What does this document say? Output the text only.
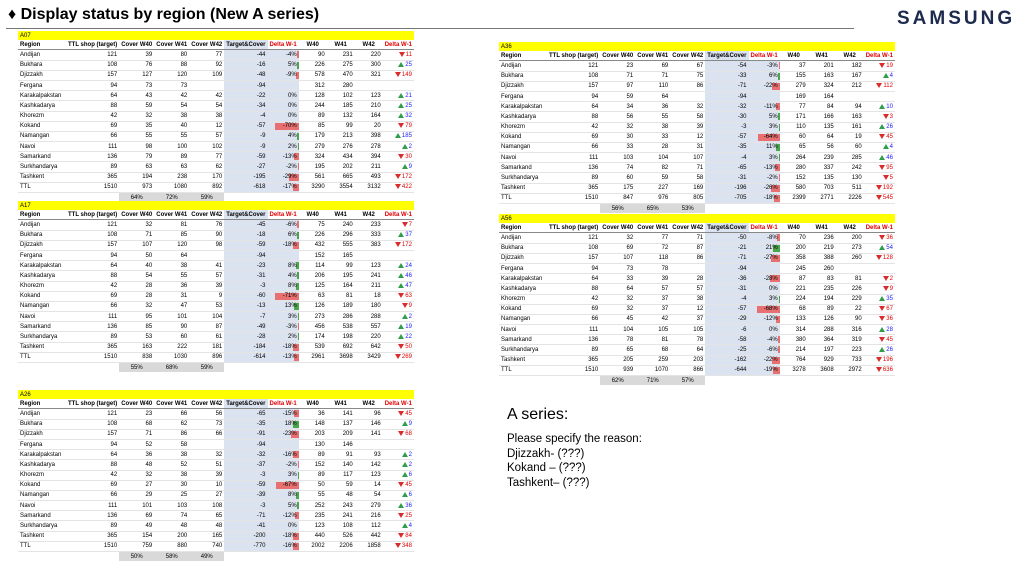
♦ Display status by region (New A series)	SAMSUNG
A07										
Region	TTL shop (target)	Cover W40	Cover W41	Cover W42	Target&Cover	Delta W-1	W40	W41	W42	Delta W-1
Andijan	121	39	80	77	-44	-4%	90	231	220	11
Bukhara	108	76	88	92	-16	5%	226	275	300	25
Djizzakh	157	127	120	109	-48	-9%	578	470	321	149
Fergana	94	73	73		-94		312	280		
Karakalpakstan	64	43	42	42	-22	0%	128	102	123	21
Kashkadarya	88	59	54	54	-34	0%	244	185	210	25
Khorezm	42	32	38	38	-4	0%	89	132	164	32
Kokand	69	35	40	12	-57	-70%	85	99	20	79
Namangan	66	55	55	57	-9	4%	179	213	398	185
Navoi	111	98	100	102	-9	2%	279	276	278	2
Samarkand	136	79	89	77	-59	-13%	324	434	394	30
Surkhandarya	89	63	63	62	-27	-2%	195	202	211	9
Tashkent	365	194	238	170	-195	-29%	561	665	493	172
TTL	1510	973	1080	892	-618	-17%	3290	3554	3132	422
		64%	72%	59%						
A17										
Region	TTL shop (target)	Cover W40	Cover W41	Cover W42	Target&Cover	Delta W-1	W40	W41	W42	Delta W-1
Andijan	121	32	81	76	-45	-6%	75	240	233	7
Bukhara	108	71	85	90	-18	6%	226	296	333	37
Djizzakh	157	107	120	98	-59	-18%	432	555	383	172
Fergana	94	50	64		-94		152	165		
Karakalpakstan	64	40	38	41	-23	8%	114	99	123	24
Kashkadarya	88	54	55	57	-31	4%	206	195	241	46
Khorezm	42	28	36	39	-3	8%	125	164	211	47
Kokand	69	28	31	9	-60	-71%	63	81	18	63
Namangan	66	32	47	53	-13	13%	126	189	180	9
Navoi	111	95	101	104	-7	3%	273	286	288	2
Samarkand	136	85	90	87	-49	-3%	456	538	557	19
Surkhandarya	89	53	60	61	-28	2%	174	198	220	22
Tashkent	365	163	222	181	-184	-18%	539	692	642	50
TTL	1510	838	1030	896	-614	-13%	2961	3698	3429	269
		55%	68%	59%						
A26										
Region	TTL shop (target)	Cover W40	Cover W41	Cover W42	Target&Cover	Delta W-1	W40	W41	W42	Delta W-1
Andijan	121	23	66	56	-65	-15%	36	141	96	45
Bukhara	108	68	62	73	-35	18%	148	137	146	9
Djizzakh	157	71	86	66	-91	-23%	203	209	141	68
Fergana	94	52	58		-94		130	146		
Karakalpakstan	64	36	38	32	-32	-16%	89	91	93	2
Kashkadarya	88	48	52	51	-37	-2%	152	140	142	2
Khorezm	42	32	38	39	-3	3%	89	117	123	6
Kokand	69	27	30	10	-59	-67%	50	59	14	45
Namangan	66	29	25	27	-39	8%	55	48	54	6
Navoi	111	101	103	108	-3	5%	252	243	279	36
Samarkand	136	69	74	65	-71	-12%	235	241	216	25
Surkhandarya	89	49	48	48	-41	0%	123	108	112	4
Tashkent	365	154	200	165	-200	-18%	440	526	442	84
TTL	1510	759	880	740	-770	-16%	2002	2206	1858	348
		50%	58%	49%						
A36										
Region	TTL shop (target)	Cover W40	Cover W41	Cover W42	Target&Cover	Delta W-1	W40	W41	W42	Delta W-1
Andijan	121	23	69	67	-54	-3%	37	201	182	19
Bukhara	108	71	71	75	-33	6%	155	163	167	4
Djizzakh	157	97	110	86	-71	-22%	279	324	212	112
Fergana	94	59	64		-94		169	164		
Karakalpakstan	64	34	36	32	-32	-11%	77	84	94	10
Kashkadarya	88	56	55	58	-30	5%	171	166	163	3
Khorezm	42	32	38	39	-3	3%	110	135	161	26
Kokand	69	30	33	12	-57	-64%	60	64	19	45
Namangan	66	33	28	31	-35	11%	65	56	60	4
Navoi	111	103	104	107	-4	3%	264	239	285	46
Samarkand	136	74	82	71	-65	-13%	280	337	242	95
Surkhandarya	89	60	59	58	-31	-2%	152	135	130	5
Tashkent	365	175	227	169	-196	-26%	580	703	511	192
TTL	1510	847	976	805	-705	-18%	2399	2771	2226	545
		56%	65%	53%						
A56										
Region	TTL shop (target)	Cover W40	Cover W41	Cover W42	Target&Cover	Delta W-1	W40	W41	W42	Delta W-1
Andijan	121	32	77	71	-50	-8%	70	236	200	36
Bukhara	108	69	72	87	-21	21%	200	219	273	54
Djizzakh	157	107	118	86	-71	-27%	358	388	260	128
Fergana	94	73	78		-94		245	260		
Karakalpakstan	64	33	39	28	-36	-28%	87	83	81	2
Kashkadarya	88	64	57	57	-31	0%	221	235	226	9
Khorezm	42	32	37	38	-4	3%	224	194	229	35
Kokand	69	32	37	12	-57	-68%	68	89	22	67
Namangan	66	45	42	37	-29	-12%	133	126	90	36
Navoi	111	104	105	105	-6	0%	314	288	316	28
Samarkand	136	78	81	78	-58	-4%	380	364	319	45
Surkhandarya	89	65	68	64	-25	-6%	214	197	223	26
Tashkent	365	205	259	203	-162	-22%	764	929	733	196
TTL	1510	939	1070	866	-644	-19%	3278	3608	2972	636
		62%	71%	57%						
A series:
Please specify the reason:
Djizzakh- (???)
Kokand – (???)
Tashkent– (???)
